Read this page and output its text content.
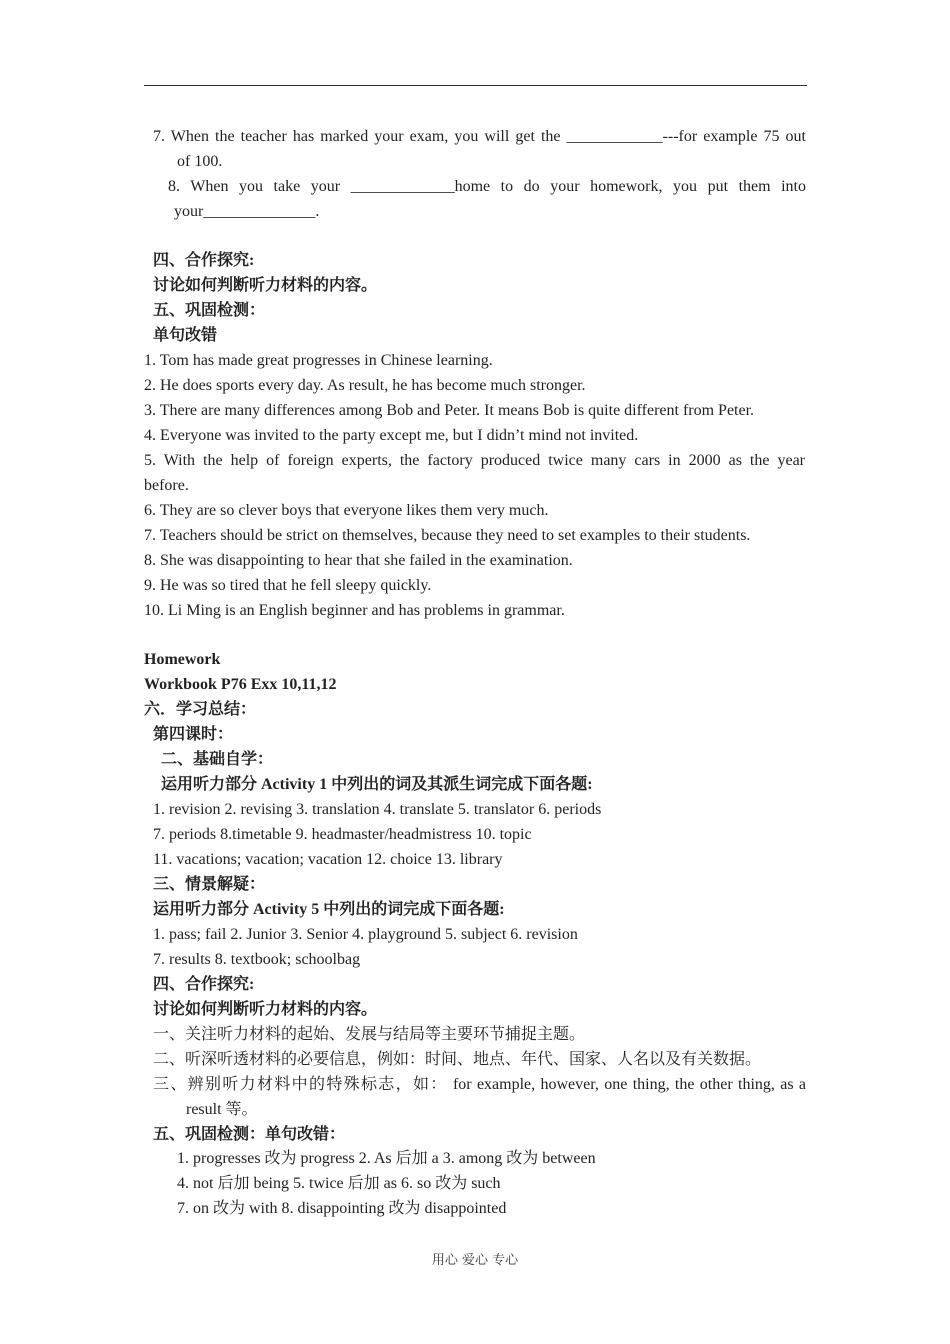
7. When the teacher has marked your exam, you will get the ____________---for example 75 out
of 100.
8. When you take your _____________home to do your homework, you put them into
your______________.
四、合作探究:
讨论如何判断听力材料的内容。
五、巩固检测：
单句改错
1. Tom has made great progresses in Chinese learning.
2. He does sports every day. As result, he has become much stronger.
3. There are many differences among Bob and Peter. It means Bob is quite different from Peter.
4. Everyone was invited to the party except me, but I didn’t mind not invited.
5. With the help of foreign experts, the factory produced twice many cars in 2000 as the year
before.
6. They are so clever boys that everyone likes them very much.
7. Teachers should be strict on themselves, because they need to set examples to their students.
8. She was disappointing to hear that she failed in the examination.
9. He was so tired that he fell sleepy quickly.
10. Li Ming is an English beginner and has problems in grammar.
Homework
Workbook P76 Exx 10,11,12
六．学习总结：
第四课时：
二、基础自学：
运用听力部分 Activity 1 中列出的词及其派生词完成下面各题:
1. revision 2. revising 3. translation 4. translate 5. translator 6. periods
7. periods 8.timetable 9. headmaster/headmistress 10. topic
11. vacations; vacation; vacation 12. choice 13. library
三、情景解疑：
运用听力部分 Activity 5 中列出的词完成下面各题:
1. pass; fail 2. Junior 3. Senior 4. playground 5. subject 6. revision
7. results 8. textbook; schoolbag
四、合作探究:
讨论如何判断听力材料的内容。
一、关注听力材料的起始、发展与结局等主要环节捕捉主题。
二、听深听透材料的必要信息，例如：时间、地点、年代、国家、人名以及有关数据。
三、辨别听力材料中的特殊标志，如： for example, however, one thing, the other thing, as a
result 等。
五、巩固检测：单句改错：
1. progresses 改为 progress 2. As 后加 a 3. among 改为 between
4. not 后加 being 5. twice 后加 as 6. so 改为 such
7. on 改为 with 8. disappointing 改为 disappointed
用心 爱心 专心
